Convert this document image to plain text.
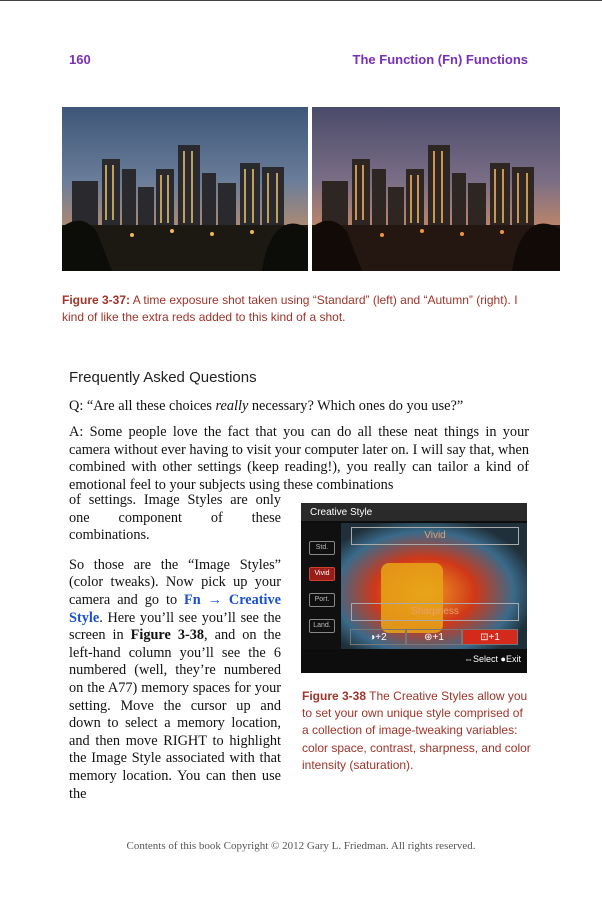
160	The Function (Fn) Functions
Figure 3-37: A time exposure shot taken using “Standard” (left) and “Autumn” (right). I kind of like the extra reds added to this kind of a shot.
Frequently Asked Questions
Q: “Are all these choices really necessary? Which ones do you use?”
A: Some people love the fact that you can do all these neat things in your camera without ever having to visit your computer later on. I will say that, when combined with other settings (keep reading!), you really can tailor a kind of emotional feel to your subjects using these combinations

of settings. Image Styles are only one component of these combinations.

So those are the “Image Styles” (color tweaks). Now pick up your camera and go to Fn → Creative Style. Here you’ll see you’ll see the screen in Figure 3-38, and on the left-hand column you’ll see the 6 numbered (well, they’re numbered on the A77) memory spaces for your setting. Move the cursor up and down to select a memory location, and then move RIGHT to highlight the Image Style associated with that memory location. You can then use the

Creative Style
Std.
Vivid
Port.
Land.
Vivid
Sharpness
◑+2	⊛+1	⊡+1
⇔Select ●Exit
Figure 3-38 The Creative Styles allow you to set your own unique style comprised of a collection of image-tweaking variables: color space, contrast, sharpness, and color intensity (saturation).
Contents of this book Copyright © 2012 Gary L. Friedman. All rights reserved.
